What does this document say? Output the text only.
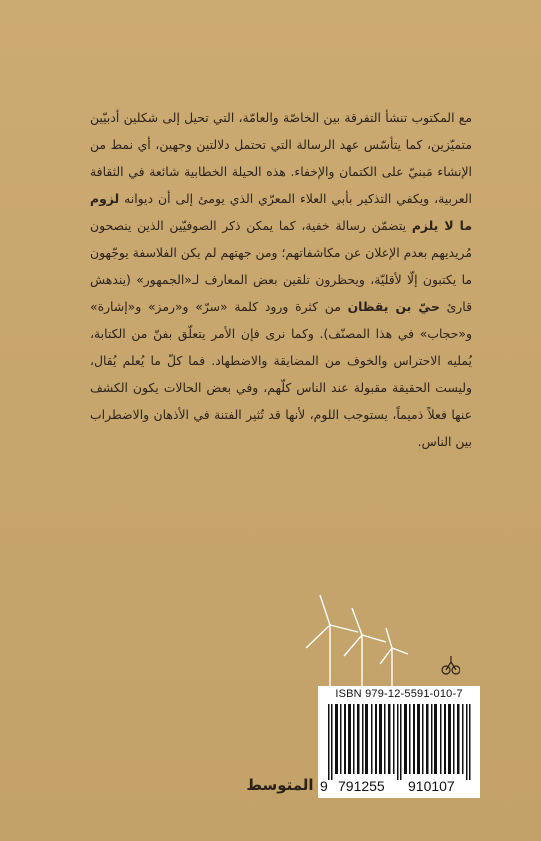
مع المكتوب تنشأ التفرقة بين الخاصّة والعامّة، التي تحيل إلى شكلين أدبيّين متميّزين، كما يتأسّس عهد الرسالة التي تحتمل دلالتين وجهين، أي نمط من الإنشاء مَبنيّ على الكتمان والإخفاء. هذه الحيلة الخطابية شائعة في الثقافة العربية، ويكفي التذكير بأبي العلاء المعرّي الذي يومئ إلى أن ديوانه لزوم ما لا يلزم يتضمّن رسالة خفية، كما يمكن ذكر الصوفيّين الذين ينصحون مُريديهم بعدم الإعلان عن مكاشفاتهم؛ ومن جهتهم لم يكن الفلاسفة يوجّهون ما يكتبون إلّا لأقليّة، ويحظرون تلقين بعض المعارف لـ«الجمهور» (يندهش قارئ حيّ بن يقظان من كثرة ورود كلمة «سرّ» و«رمز» و«إشارة» و«حجاب» في هذا المصنّف). وكما نرى فإن الأمر يتعلّق بفنّ من الكتابة، يُمليه الاحتراس والخوف من المضايقة والاضطهاد. فما كلّ ما يُعلم يُقال، وليست الحقيقة مقبولة عند الناس كلّهم، وفي بعض الحالات يكون الكشف عنها فعلاً ذميماً، يستوجب اللوم، لأنها قد تُثير الفتنة في الأذهان والاضطراب بين الناس.

ISBN 979-12-5591-010-7
9 791255 910107
المتوسط
